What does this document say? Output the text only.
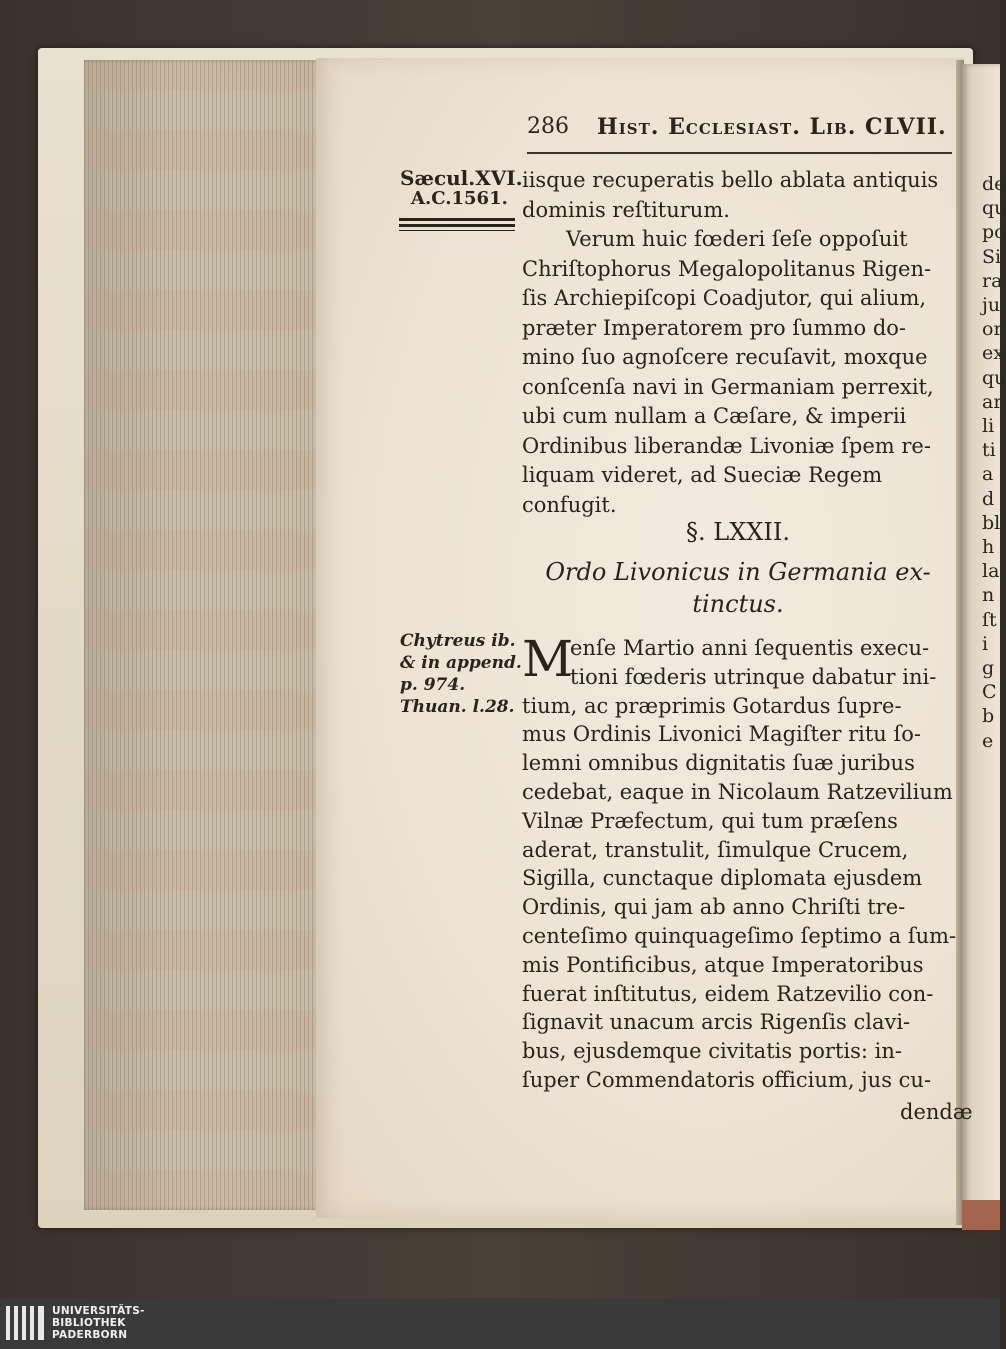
de
qu
po
Si
ra
ju
or
ex
qu
ar
li
ti
a
d
bl
h
la
n
ſt
i
g
C
b
e
286 Hist. Ecclesiast. Lib. CLVII.
Sæcul.XVI.
A.C.1561.
Chytreus ib.
& in append.
p. 974.
Thuan. l.28.
iisque recuperatis bello ablata antiquis
dominis reſtiturum.
Verum huic fœderi ſeſe oppoſuit
Chriſtophorus Megalopolitanus Rigen-
ſis Archiepiſcopi Coadjutor, qui alium,
præter Imperatorem pro ſummo do-
mino ſuo agnoſcere recuſavit, moxque
conſcenſa navi in Germaniam perrexit,
ubi cum nullam a Cæſare, & imperii
Ordinibus liberandæ Livoniæ ſpem re-
liquam videret, ad Sueciæ Regem
confugit.
§. LXXII.
Ordo Livonicus in Germania ex-
tinctus.
M
enſe Martio anni ſequentis execu-
tioni fœderis utrinque dabatur ini-
tium, ac præprimis Gotardus ſupre-
mus Ordinis Livonici Magiſter ritu ſo-
lemni omnibus dignitatis ſuæ juribus
cedebat, eaque in Nicolaum Ratzevilium
Vilnæ Præfectum, qui tum præſens
aderat, transtulit, ſimulque Crucem,
Sigilla, cunctaque diplomata ejusdem
Ordinis, qui jam ab anno Chriſti tre-
centeſimo quinquageſimo ſeptimo a ſum-
mis Pontificibus, atque Imperatoribus
fuerat inſtitutus, eidem Ratzevilio con-
ſignavit unacum arcis Rigenſis clavi-
bus, ejusdemque civitatis portis: in-
ſuper Commendatoris officium, jus cu-
dendæ
UNIVERSITÄTS-
BIBLIOTHEK
PADERBORN
